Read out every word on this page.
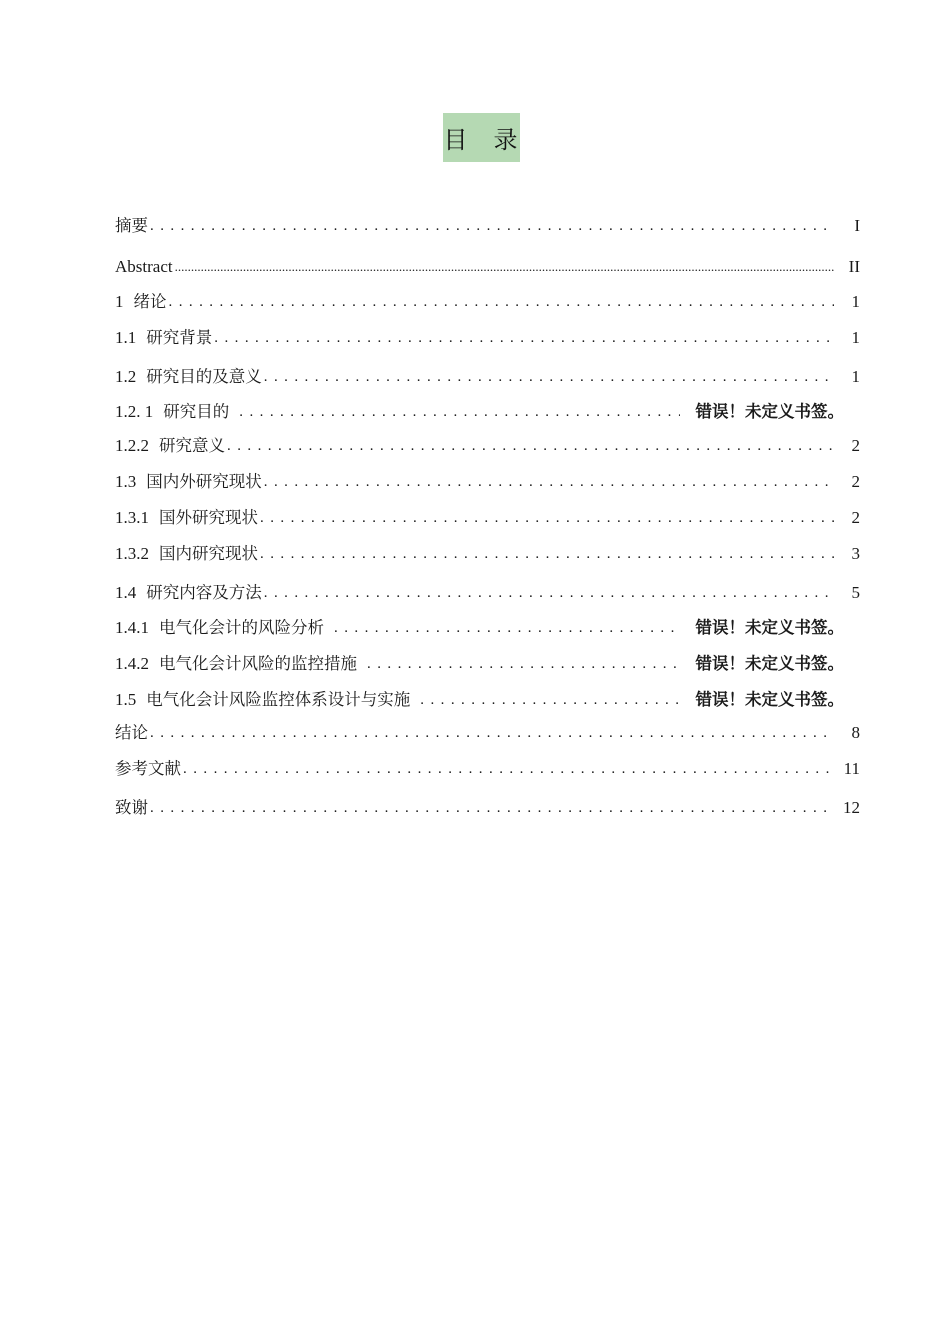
目 录
摘要 . . .	I
Abstract .....	II
1 绪论 . . .	1
1.1 研究背景 . . .	1
1.2 研究目的及意义 . . .	1
1.2. 1 研究目的 . . .	错误！未定义书签。
1.2.2 研究意义 . . .	2
1.3 国内外研究现状 . . .	2
1.3.1 国外研究现状 . . .	2
1.3.2 国内研究现状 . . .	3
1.4 研究内容及方法 . . .	5
1.4.1 电气化会计的风险分析 . . .	错误！未定义书签。
1.4.2 电气化会计风险的监控措施 . . .	错误！未定义书签。
1.5 电气化会计风险监控体系设计与实施 . . .	错误！未定义书签。
结论 . . .	8
参考文献 . . .	11
致谢 . . .	12
